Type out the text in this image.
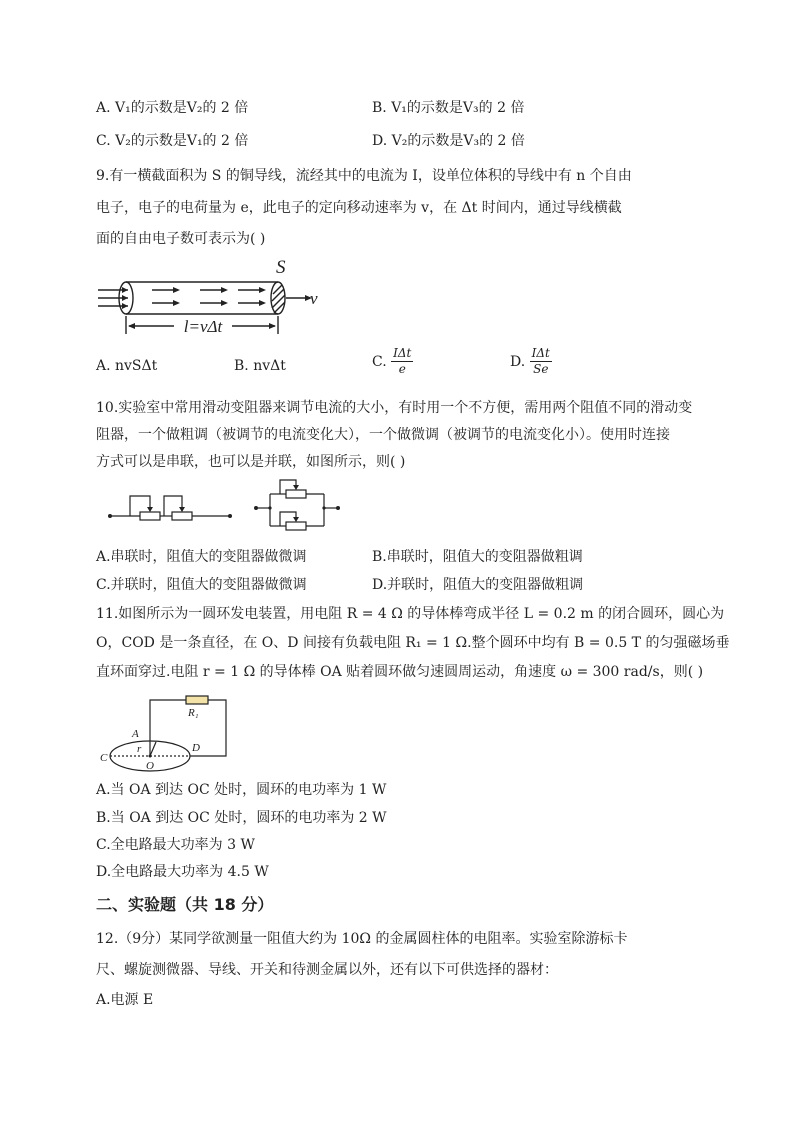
A. V₁的示数是V₂的 2 倍	B. V₁的示数是V₃的 2 倍
C. V₂的示数是V₁的 2 倍	D. V₂的示数是V₃的 2 倍
9.有一横截面积为 S 的铜导线，流经其中的电流为 I，设单位体积的导线中有 n 个自由
电子，电子的电荷量为 e，此电子的定向移动速率为 v，在 Δt 时间内，通过导线横截
面的自由电子数可表示为( )
S
v
l=vΔt
A. nvSΔt	B. nvΔt	C. $\frac{\text{IΔt}}{e}$	D. $\frac{\text{IΔt}}{Se}$
10.实验室中常用滑动变阻器来调节电流的大小，有时用一个不方便，需用两个阻值不同的滑动变
阻器，一个做粗调（被调节的电流变化大），一个做微调（被调节的电流变化小）。使用时连接
方式可以是串联，也可以是并联，如图所示，则( )
A.串联时，阻值大的变阻器做微调	B.串联时，阻值大的变阻器做粗调
C.并联时，阻值大的变阻器做微调	D.并联时，阻值大的变阻器做粗调
11.如图所示为一圆环发电装置，用电阻 R = 4 Ω 的导体棒弯成半径 L = 0.2 m 的闭合圆环，圆心为
O，COD 是一条直径，在 O、D 间接有负载电阻 R₁ = 1 Ω.整个圆环中均有 B = 0.5 T 的匀强磁场垂
直环面穿过.电阻 r = 1 Ω 的导体棒 OA 贴着圆环做匀速圆周运动，角速度 ω = 300 rad/s，则( )
R₁
A
r
C
O
D
A.当 OA 到达 OC 处时，圆环的电功率为 1 W
B.当 OA 到达 OC 处时，圆环的电功率为 2 W
C.全电路最大功率为 3 W
D.全电路最大功率为 4.5 W
二、实验题（共 18 分）
12.（9分）某同学欲测量一阻值大约为 10Ω 的金属圆柱体的电阻率。实验室除游标卡
尺、螺旋测微器、导线、开关和待测金属以外，还有以下可供选择的器材：
A.电源 E
